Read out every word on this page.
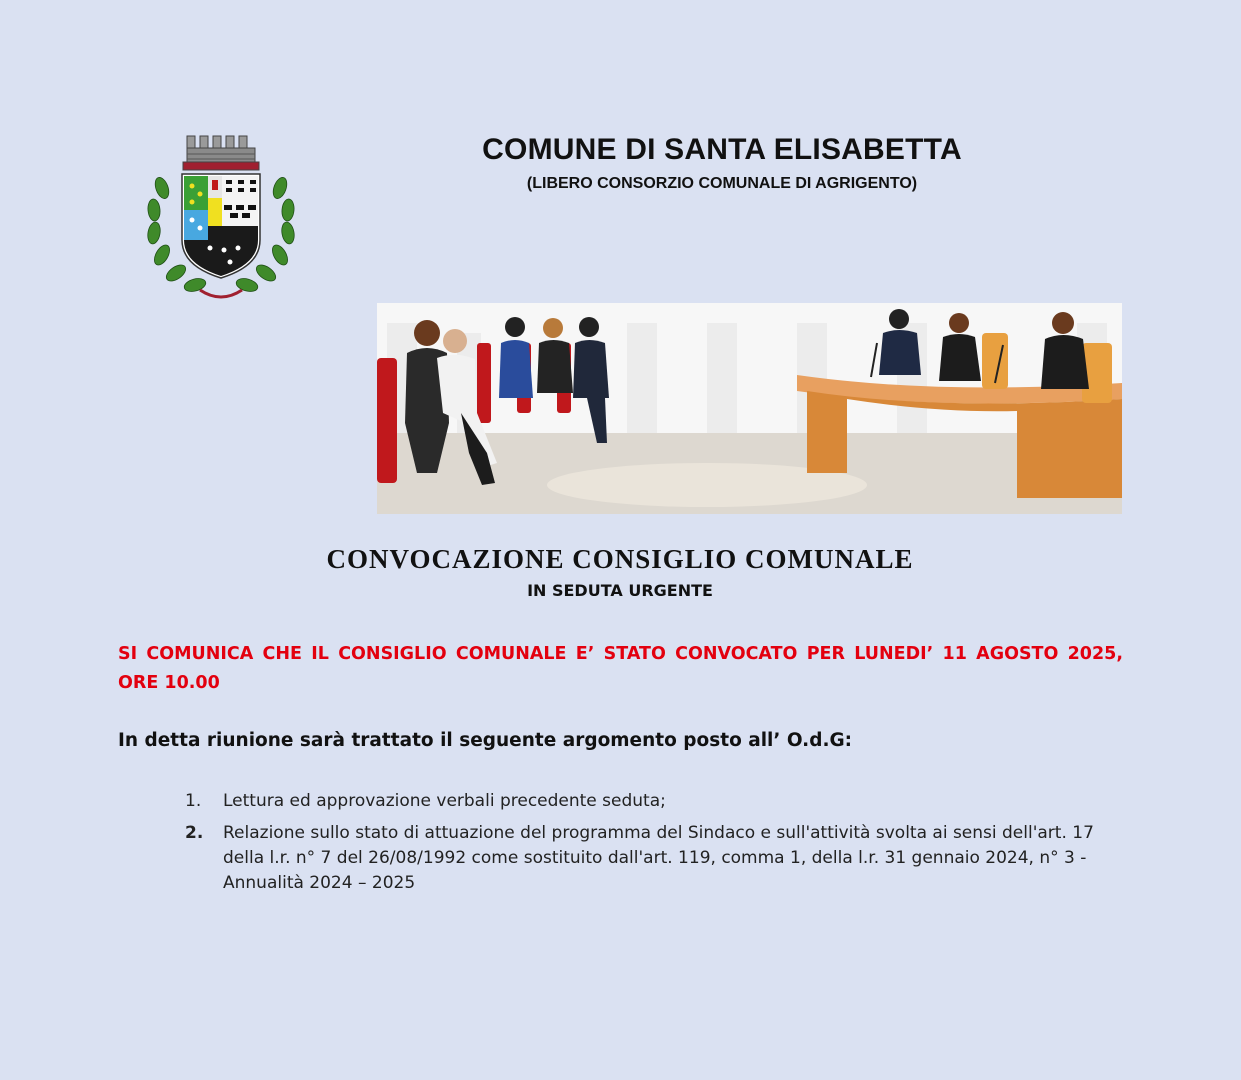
COMUNE DI SANTA ELISABETTA
(LIBERO CONSORZIO COMUNALE DI AGRIGENTO)
CONVOCAZIONE CONSIGLIO COMUNALE
IN SEDUTA URGENTE
SI COMUNICA CHE IL CONSIGLIO COMUNALE E’ STATO CONVOCATO PER LUNEDI’ 11 AGOSTO 2025, ORE 10.00
In detta riunione sarà trattato il seguente argomento posto all’ O.d.G:
1.	Lettura ed approvazione verbali precedente seduta;
2.	Relazione sullo stato di attuazione del programma del Sindaco e sull'attività svolta ai sensi dell'art. 17 della l.r. n° 7 del 26/08/1992 come sostituito dall'art. 119, comma 1, della l.r. 31 gennaio 2024, n° 3 - Annualità 2024 – 2025
